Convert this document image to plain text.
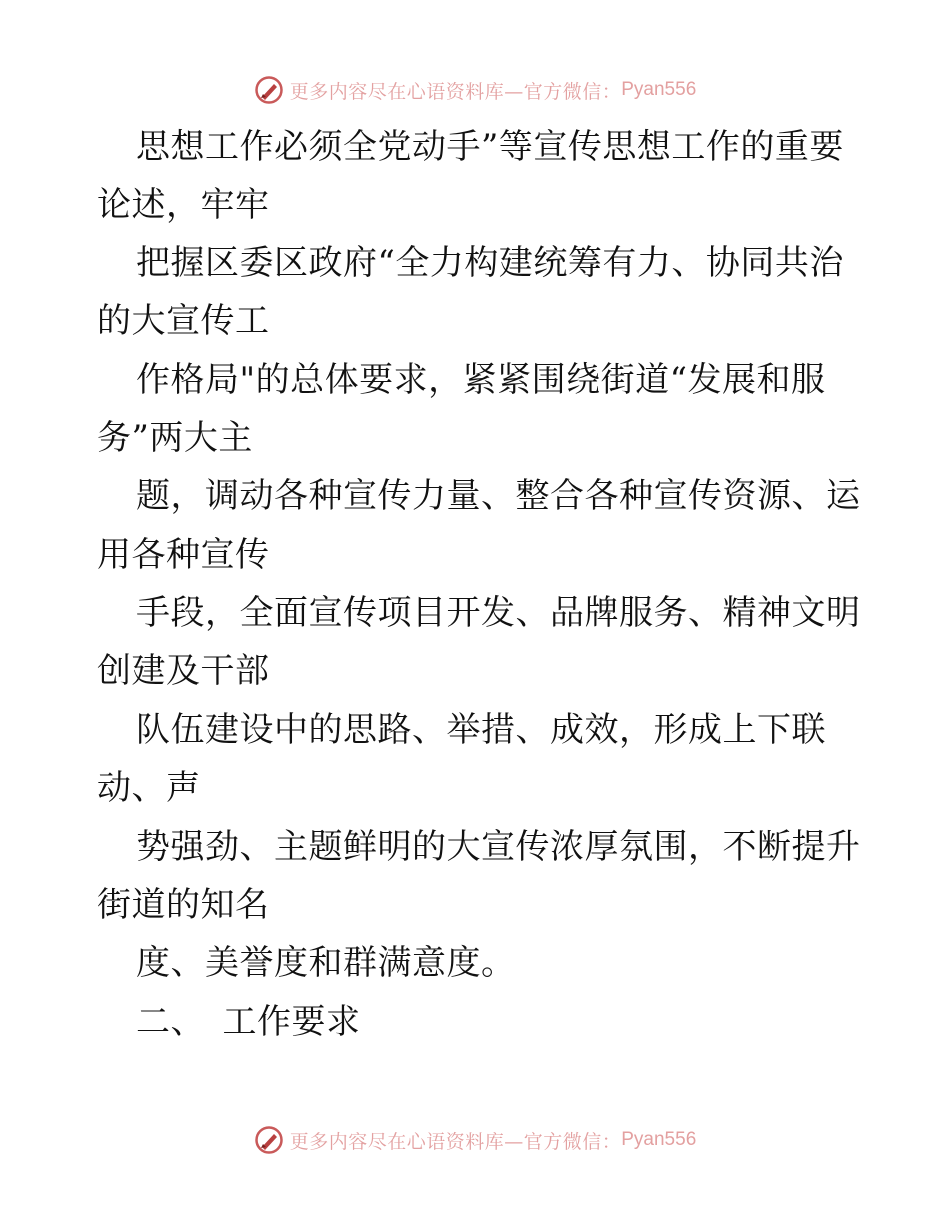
更多内容尽在心语资料库—官方微信： Pyan556
思想工作必须全党动手”等宣传思想工作的重要
论述，牢牢
把握区委区政府“全力构建统筹有力、协同共治
的大宣传工
作格局"的总体要求，紧紧围绕街道“发展和服
务”两大主
题，调动各种宣传力量、整合各种宣传资源、运
用各种宣传
手段，全面宣传项目开发、品牌服务、精神文明
创建及干部
队伍建设中的思路、举措、成效，形成上下联
动、声
势强劲、主题鲜明的大宣传浓厚氛围，不断提升
街道的知名
度、美誉度和群满意度。
二、　工作要求
更多内容尽在心语资料库—官方微信： Pyan556
